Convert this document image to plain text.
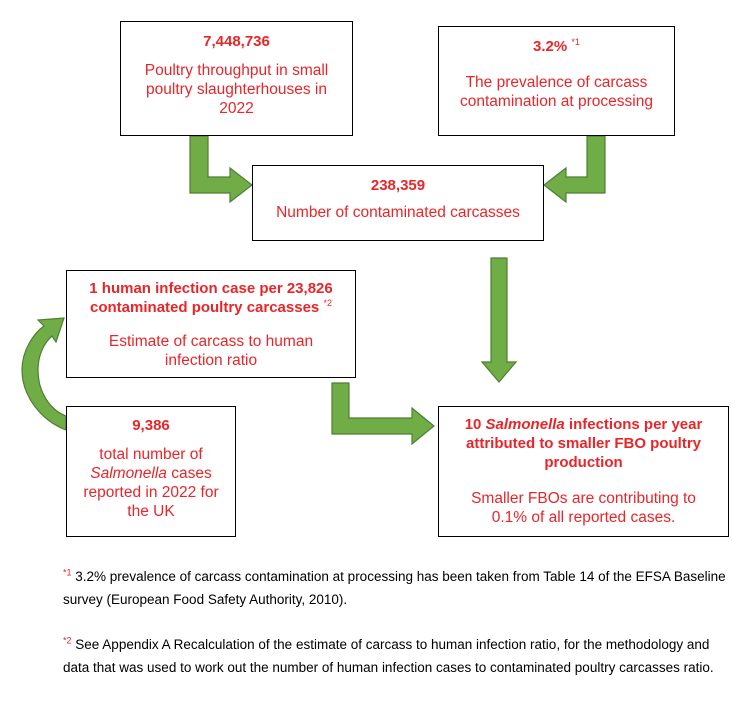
7,448,736
Poultry throughput in small poultry slaughterhouses in 2022
3.2% $^{*1}$
The prevalence of carcass contamination at processing
238,359
Number of contaminated carcasses
1 human infection case per 23,826 contaminated poultry carcasses $^{*2}$
Estimate of carcass to human infection ratio
9,386
total number of Salmonella cases reported in 2022 for the UK
10 Salmonella infections per year attributed to smaller FBO poultry production
Smaller FBOs are contributing to 0.1% of all reported cases.
$^{*1}$ 3.2% prevalence of carcass contamination at processing has been taken from Table 14 of the EFSA Baseline survey (European Food Safety Authority, 2010).
$^{*2}$ See Appendix A Recalculation of the estimate of carcass to human infection ratio, for the methodology and data that was used to work out the number of human infection cases to contaminated poultry carcasses ratio.
